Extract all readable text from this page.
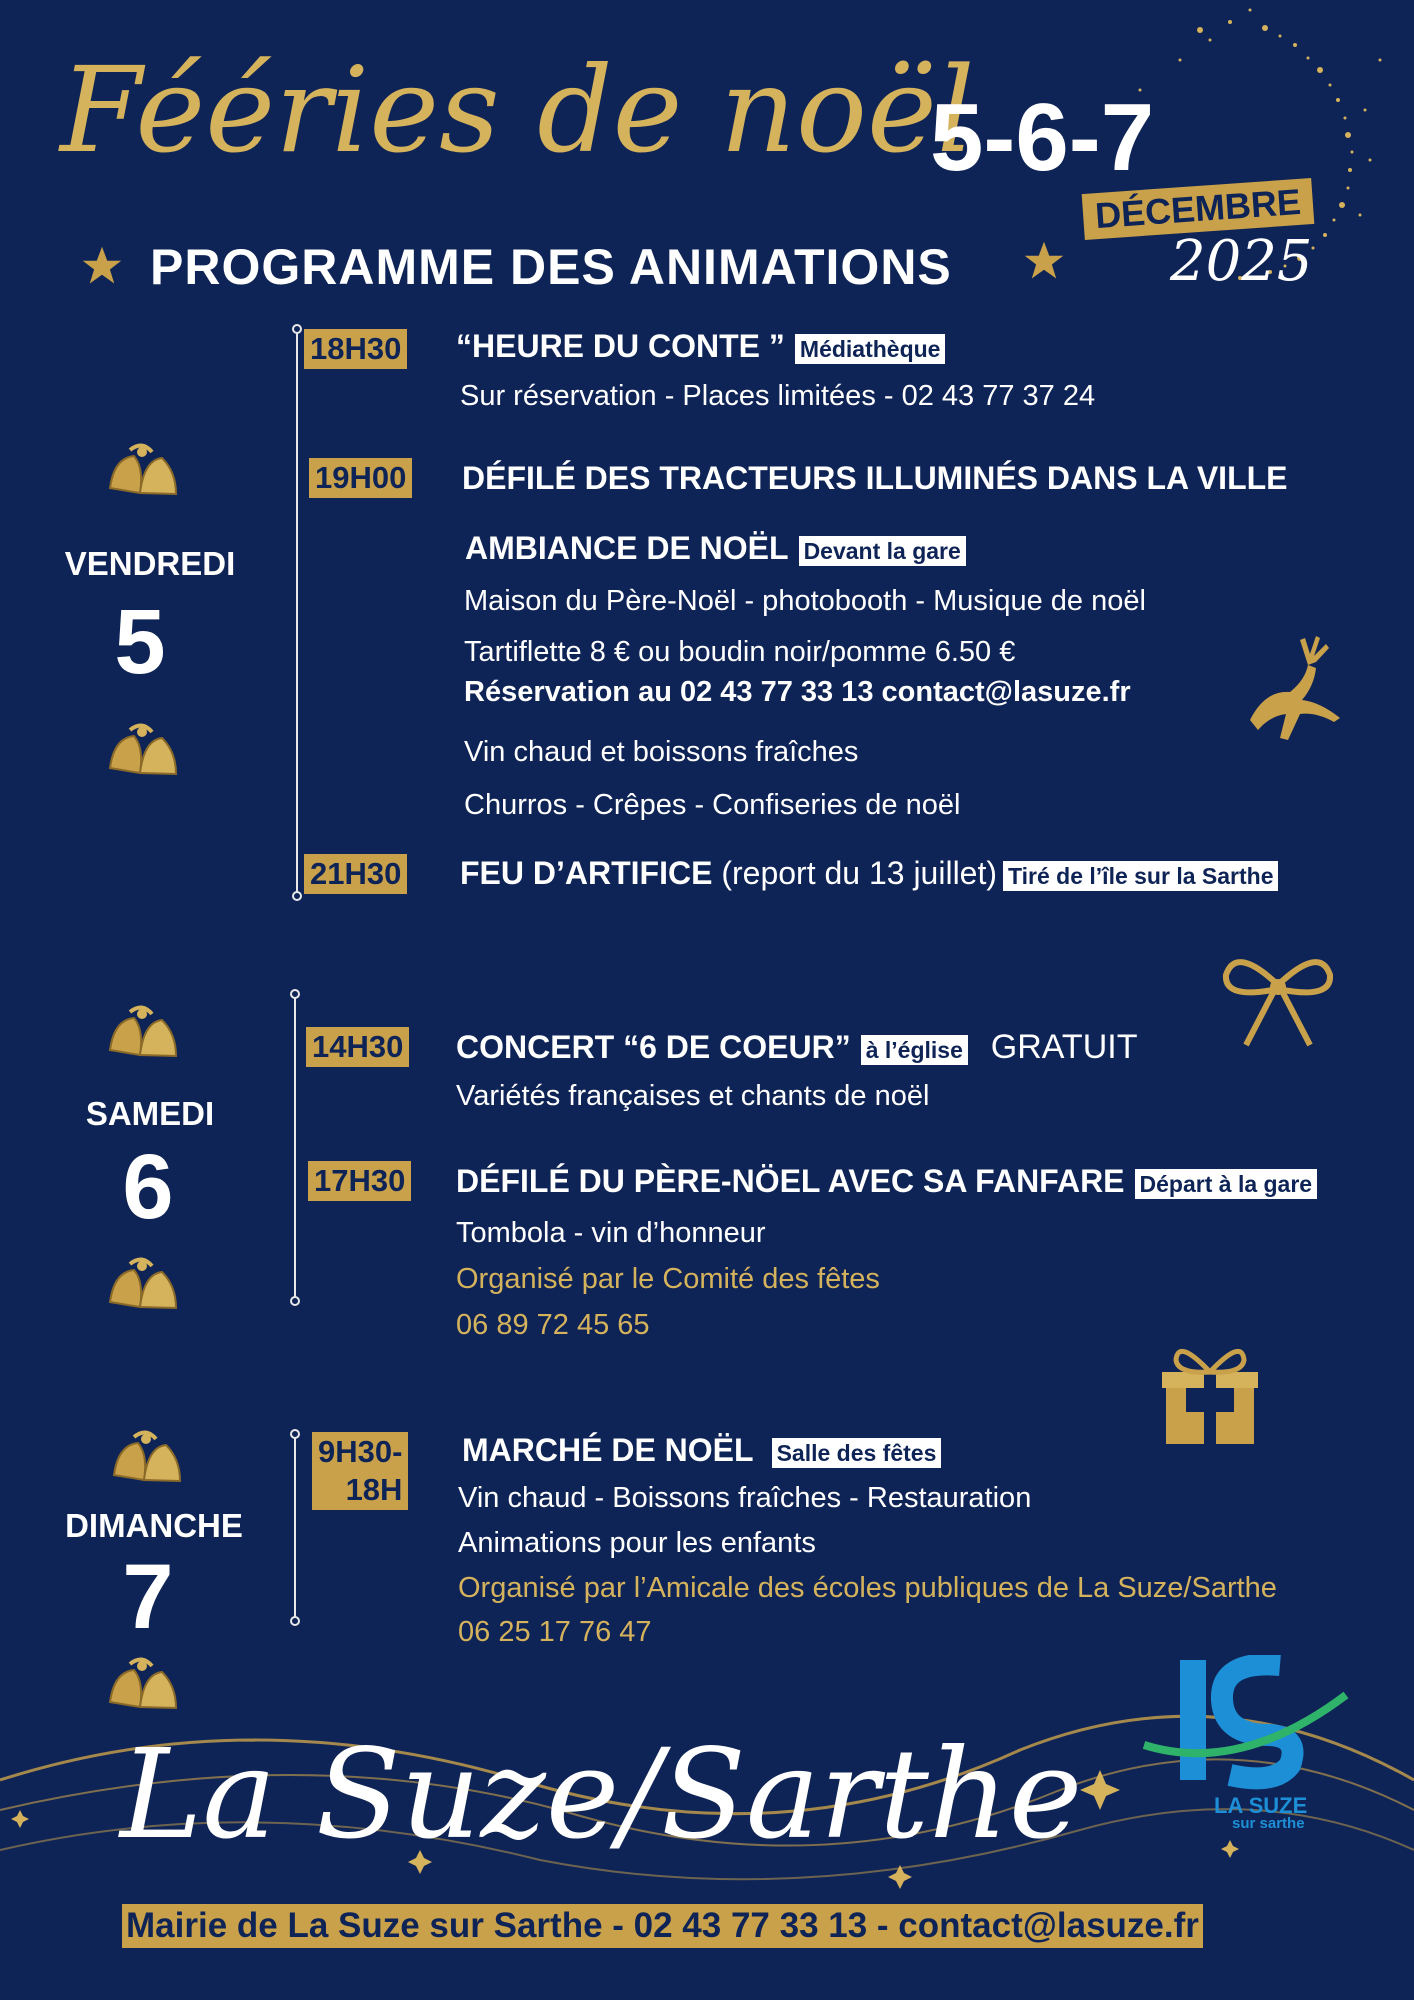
Fééries de noël
5-6-7
DÉCEMBRE
2025
PROGRAMME DES ANIMATIONS
VENDREDI
5
18H30 “HEURE DU CONTE ” Médiathèque
Sur réservation - Places limitées - 02 43 77 37 24
19H00 DÉFILÉ DES TRACTEURS ILLUMINÉS DANS LA VILLE
AMBIANCE DE NOËL Devant la gare
Maison du Père-Noël - photobooth - Musique de noël
Tartiflette 8 € ou boudin noir/pomme 6.50 €
Réservation au 02 43 77 33 13 contact@lasuze.fr
Vin chaud et boissons fraîches
Churros - Crêpes - Confiseries de noël
21H30 FEU D’ARTIFICE (report du 13 juillet) Tiré de l’île sur la Sarthe
SAMEDI
6
14H30 CONCERT “6 DE COEUR” à l’église GRATUIT
Variétés françaises et chants de noël
17H30 DÉFILÉ DU PÈRE-NÖEL AVEC SA FANFARE Départ à la gare
Tombola - vin d’honneur
Organisé par le Comité des fêtes
06 89 72 45 65
DIMANCHE
7
9H30-
18H
MARCHÉ DE NOËL Salle des fêtes
Vin chaud - Boissons fraîches - Restauration
Animations pour les enfants
Organisé par l’Amicale des écoles publiques de La Suze/Sarthe
06 25 17 76 47
La Suze/Sarthe	LA SUZE
sur sarthe
Mairie de La Suze sur Sarthe - 02 43 77 33 13 - contact@lasuze.fr
